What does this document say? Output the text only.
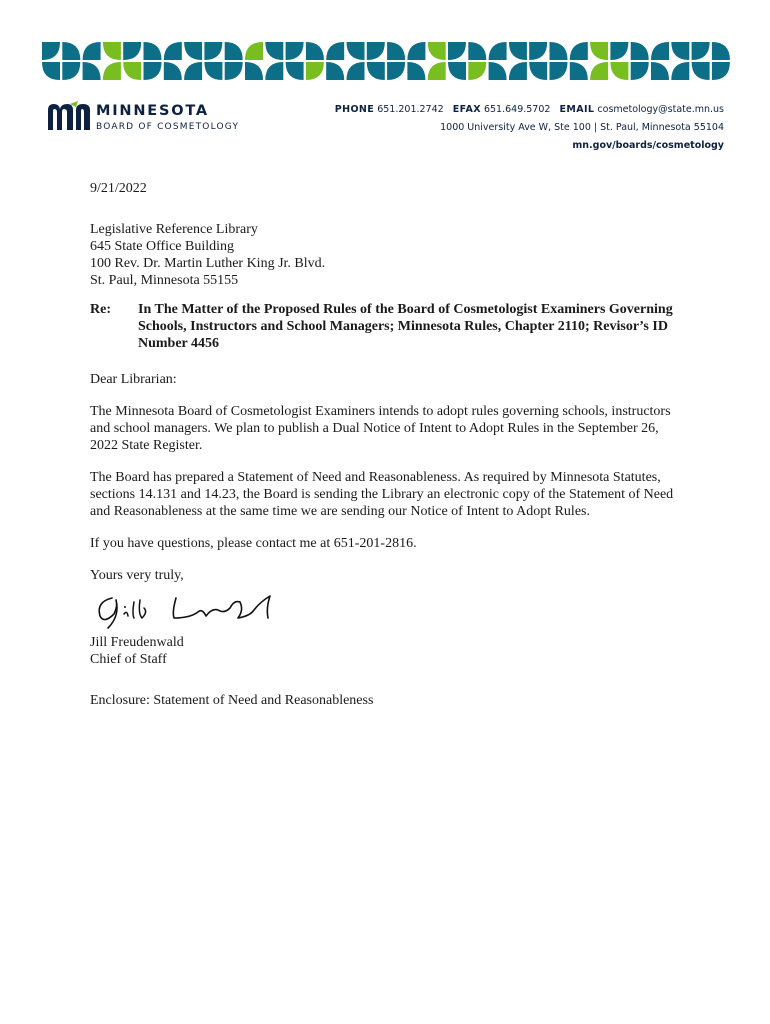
MINNESOTA
BOARD OF COSMETOLOGY
PHONE 651.201.2742 EFAX 651.649.5702 EMAIL cosmetology@state.mn.us
1000 University Ave W, Ste 100 | St. Paul, Minnesota 55104
mn.gov/boards/cosmetology

9/21/2022

Legislative Reference Library

645 State Office Building

100 Rev. Dr. Martin Luther King Jr. Blvd.

St. Paul, Minnesota 55155

Re:	In The Matter of the Proposed Rules of the Board of Cosmetologist Examiners Governing Schools, Instructors and School Managers; Minnesota Rules, Chapter 2110; Revisor’s ID Number 4456

Dear Librarian:

The Minnesota Board of Cosmetologist Examiners intends to adopt rules governing schools, instructors and school managers. We plan to publish a Dual Notice of Intent to Adopt Rules in the September 26, 2022 State Register.

The Board has prepared a Statement of Need and Reasonableness. As required by Minnesota Statutes, sections 14.131 and 14.23, the Board is sending the Library an electronic copy of the Statement of Need and Reasonableness at the same time we are sending our Notice of Intent to Adopt Rules.

If you have questions, please contact me at 651-201-2816.

Yours very truly,

Jill Freudenwald

Chief of Staff

Enclosure: Statement of Need and Reasonableness
